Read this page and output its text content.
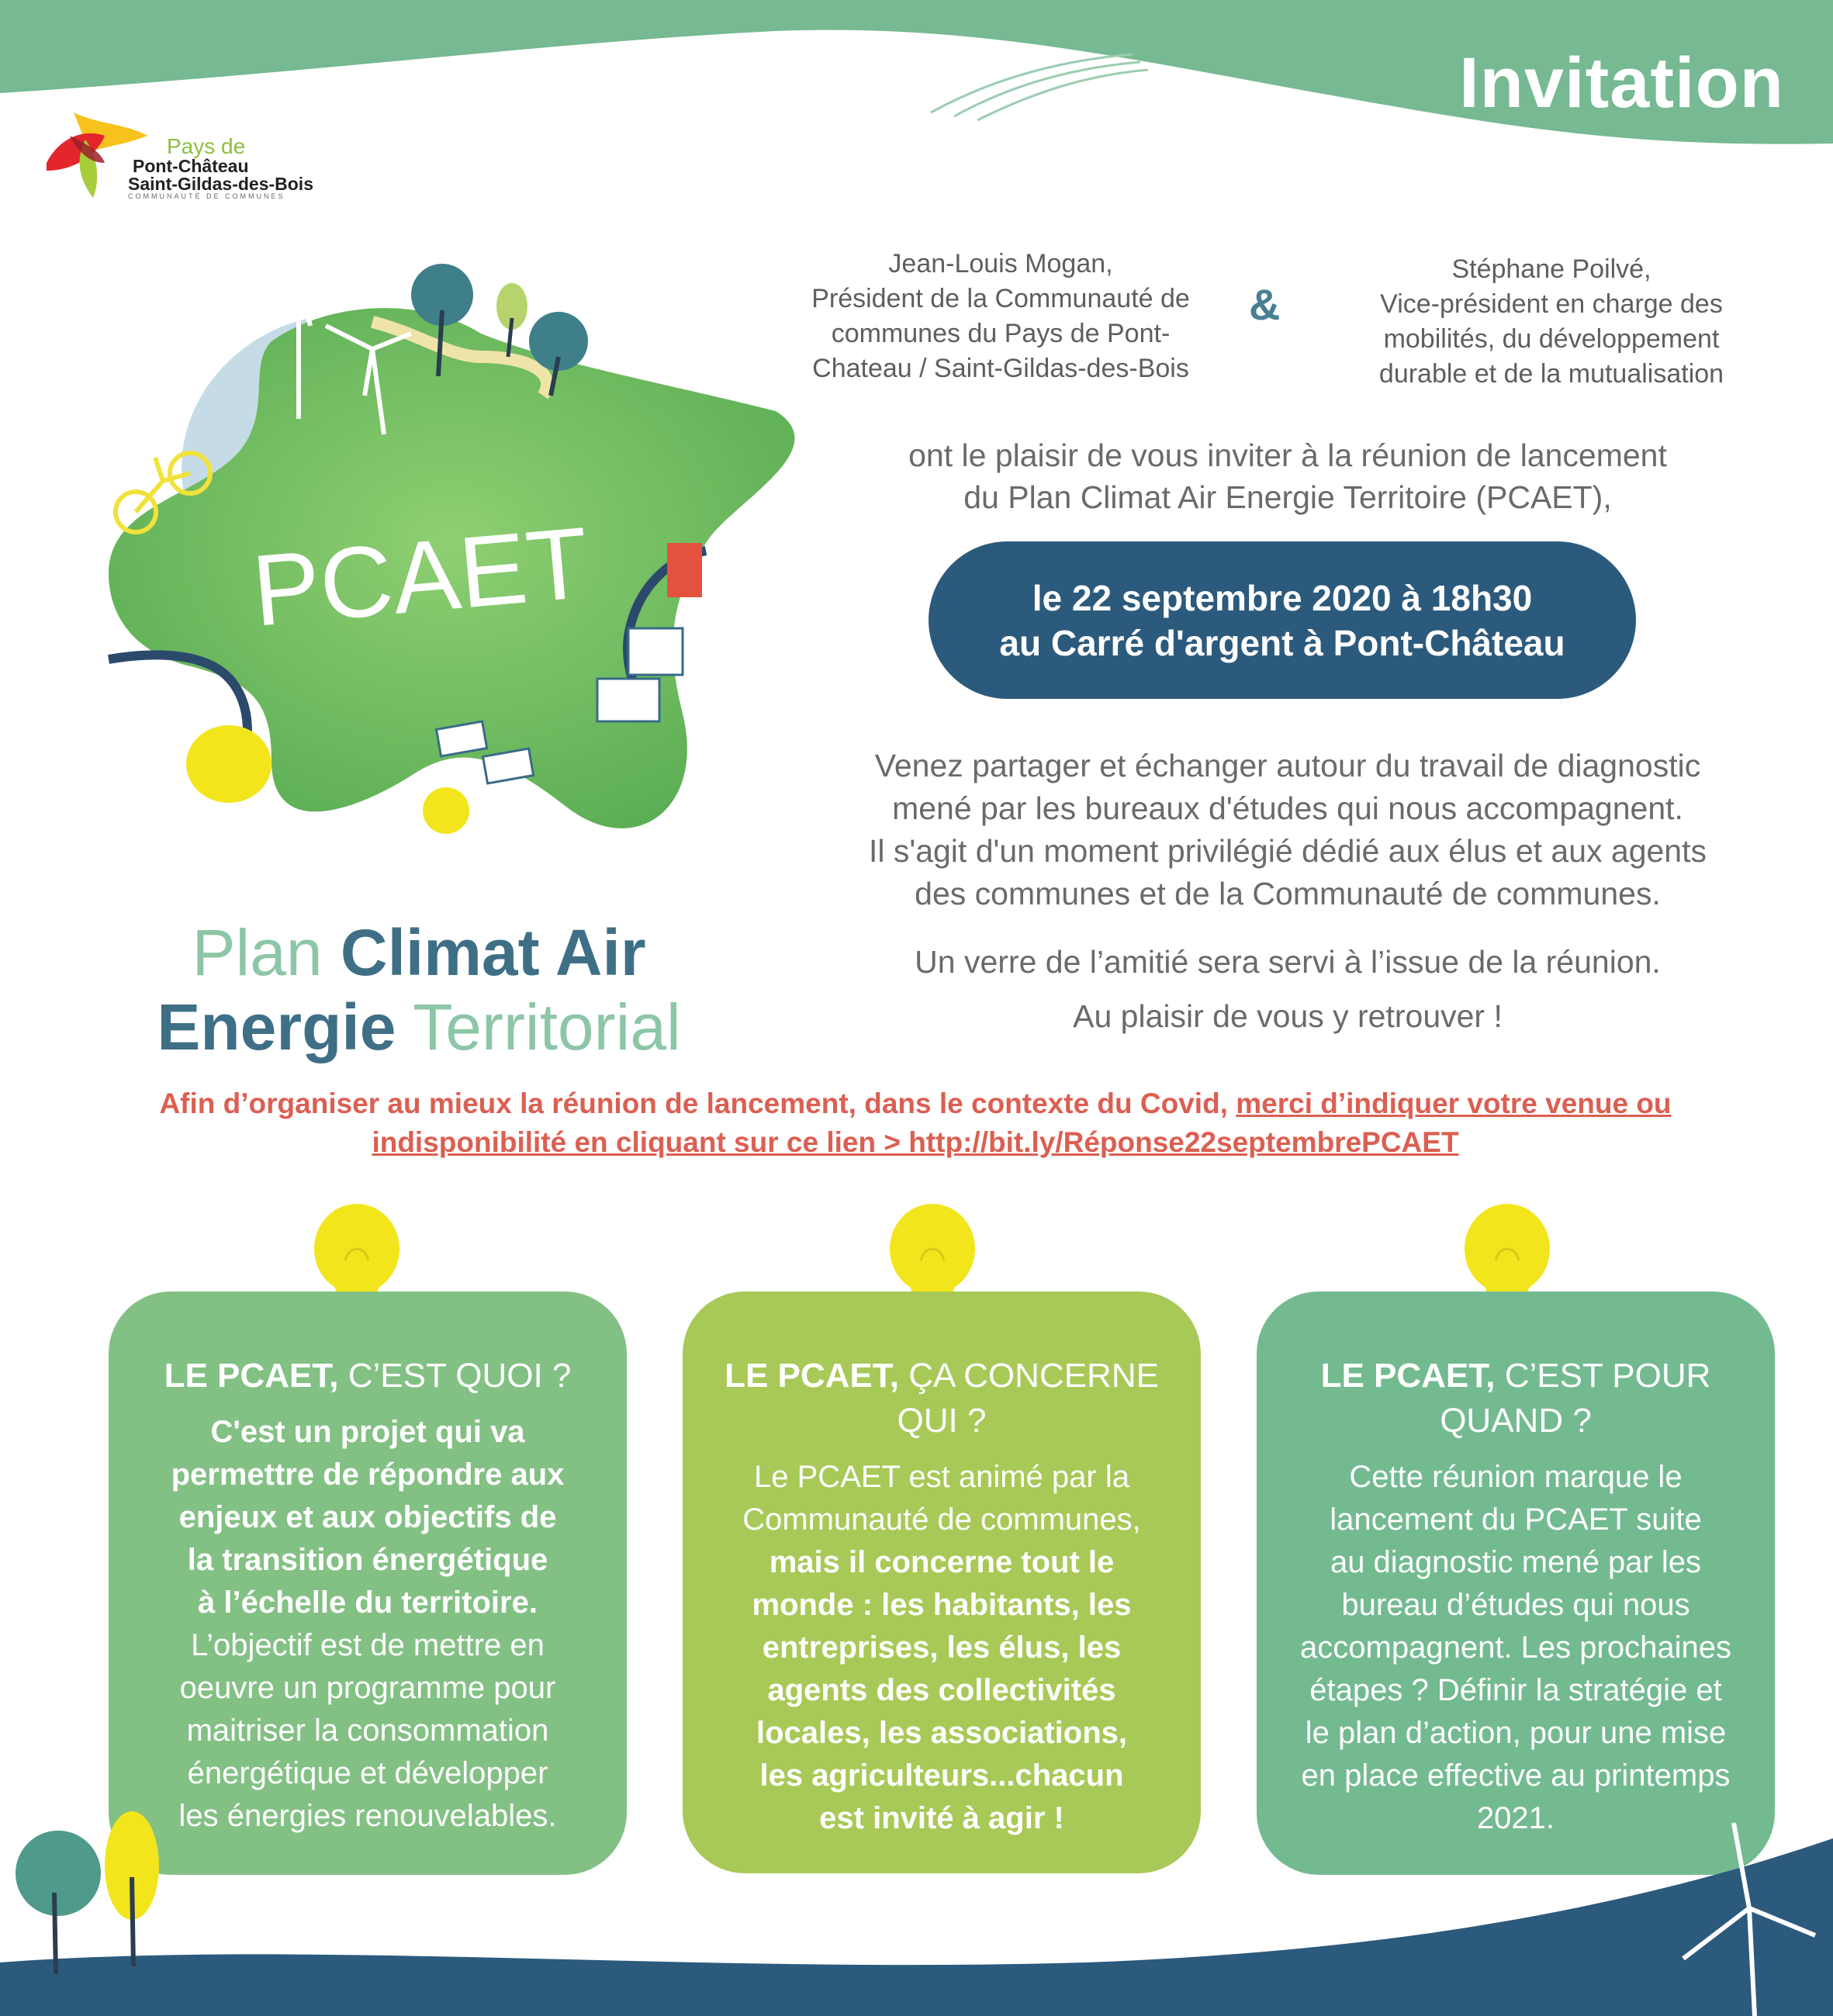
Invitation
Pays de
Pont-Château
Saint-Gildas-des-Bois
COMMUNAUTÉ DE COMMUNES
Jean-Louis Mogan,
Président de la Communauté de
communes du Pays de Pont-
Chateau / Saint-Gildas-des-Bois
&
Stéphane Poilvé,
Vice-président en charge des
mobilités, du développement
durable et de la mutualisation
ont le plaisir de vous inviter à la réunion de lancement
du Plan Climat Air Energie Territoire (PCAET),
le 22 septembre 2020 à 18h30
au Carré d'argent à Pont-Château
Venez partager et échanger autour du travail de diagnostic
mené par les bureaux d'études qui nous accompagnent.
Il s'agit d'un moment privilégié dédié aux élus et aux agents
des communes et de la Communauté de communes.
Un verre de l’amitié sera servi à l’issue de la réunion.
Au plaisir de vous y retrouver !
PCAET
Plan Climat Air
Energie Territorial
Afin d’organiser au mieux la réunion de lancement, dans le contexte du Covid, merci d’indiquer votre venue ou
indisponibilité en cliquant sur ce lien > http://bit.ly/Réponse22septembrePCAET
LE PCAET, C’EST QUOI ?
C'est un projet qui va
permettre de répondre aux
enjeux et aux objectifs de
la transition énergétique
à l’échelle du territoire.
L’objectif est de mettre en
oeuvre un programme pour
maitriser la consommation
énergétique et développer
les énergies renouvelables.
LE PCAET, ÇA CONCERNE
QUI ?
Le PCAET est animé par la
Communauté de communes,
mais il concerne tout le
monde : les habitants, les
entreprises, les élus, les
agents des collectivités
locales, les associations,
les agriculteurs...chacun
est invité à agir !
LE PCAET, C’EST POUR
QUAND ?
Cette réunion marque le
lancement du PCAET suite
au diagnostic mené par les
bureau d’études qui nous
accompagnent. Les prochaines
étapes ? Définir la stratégie et
le plan d’action, pour une mise
en place effective au printemps
2021.
